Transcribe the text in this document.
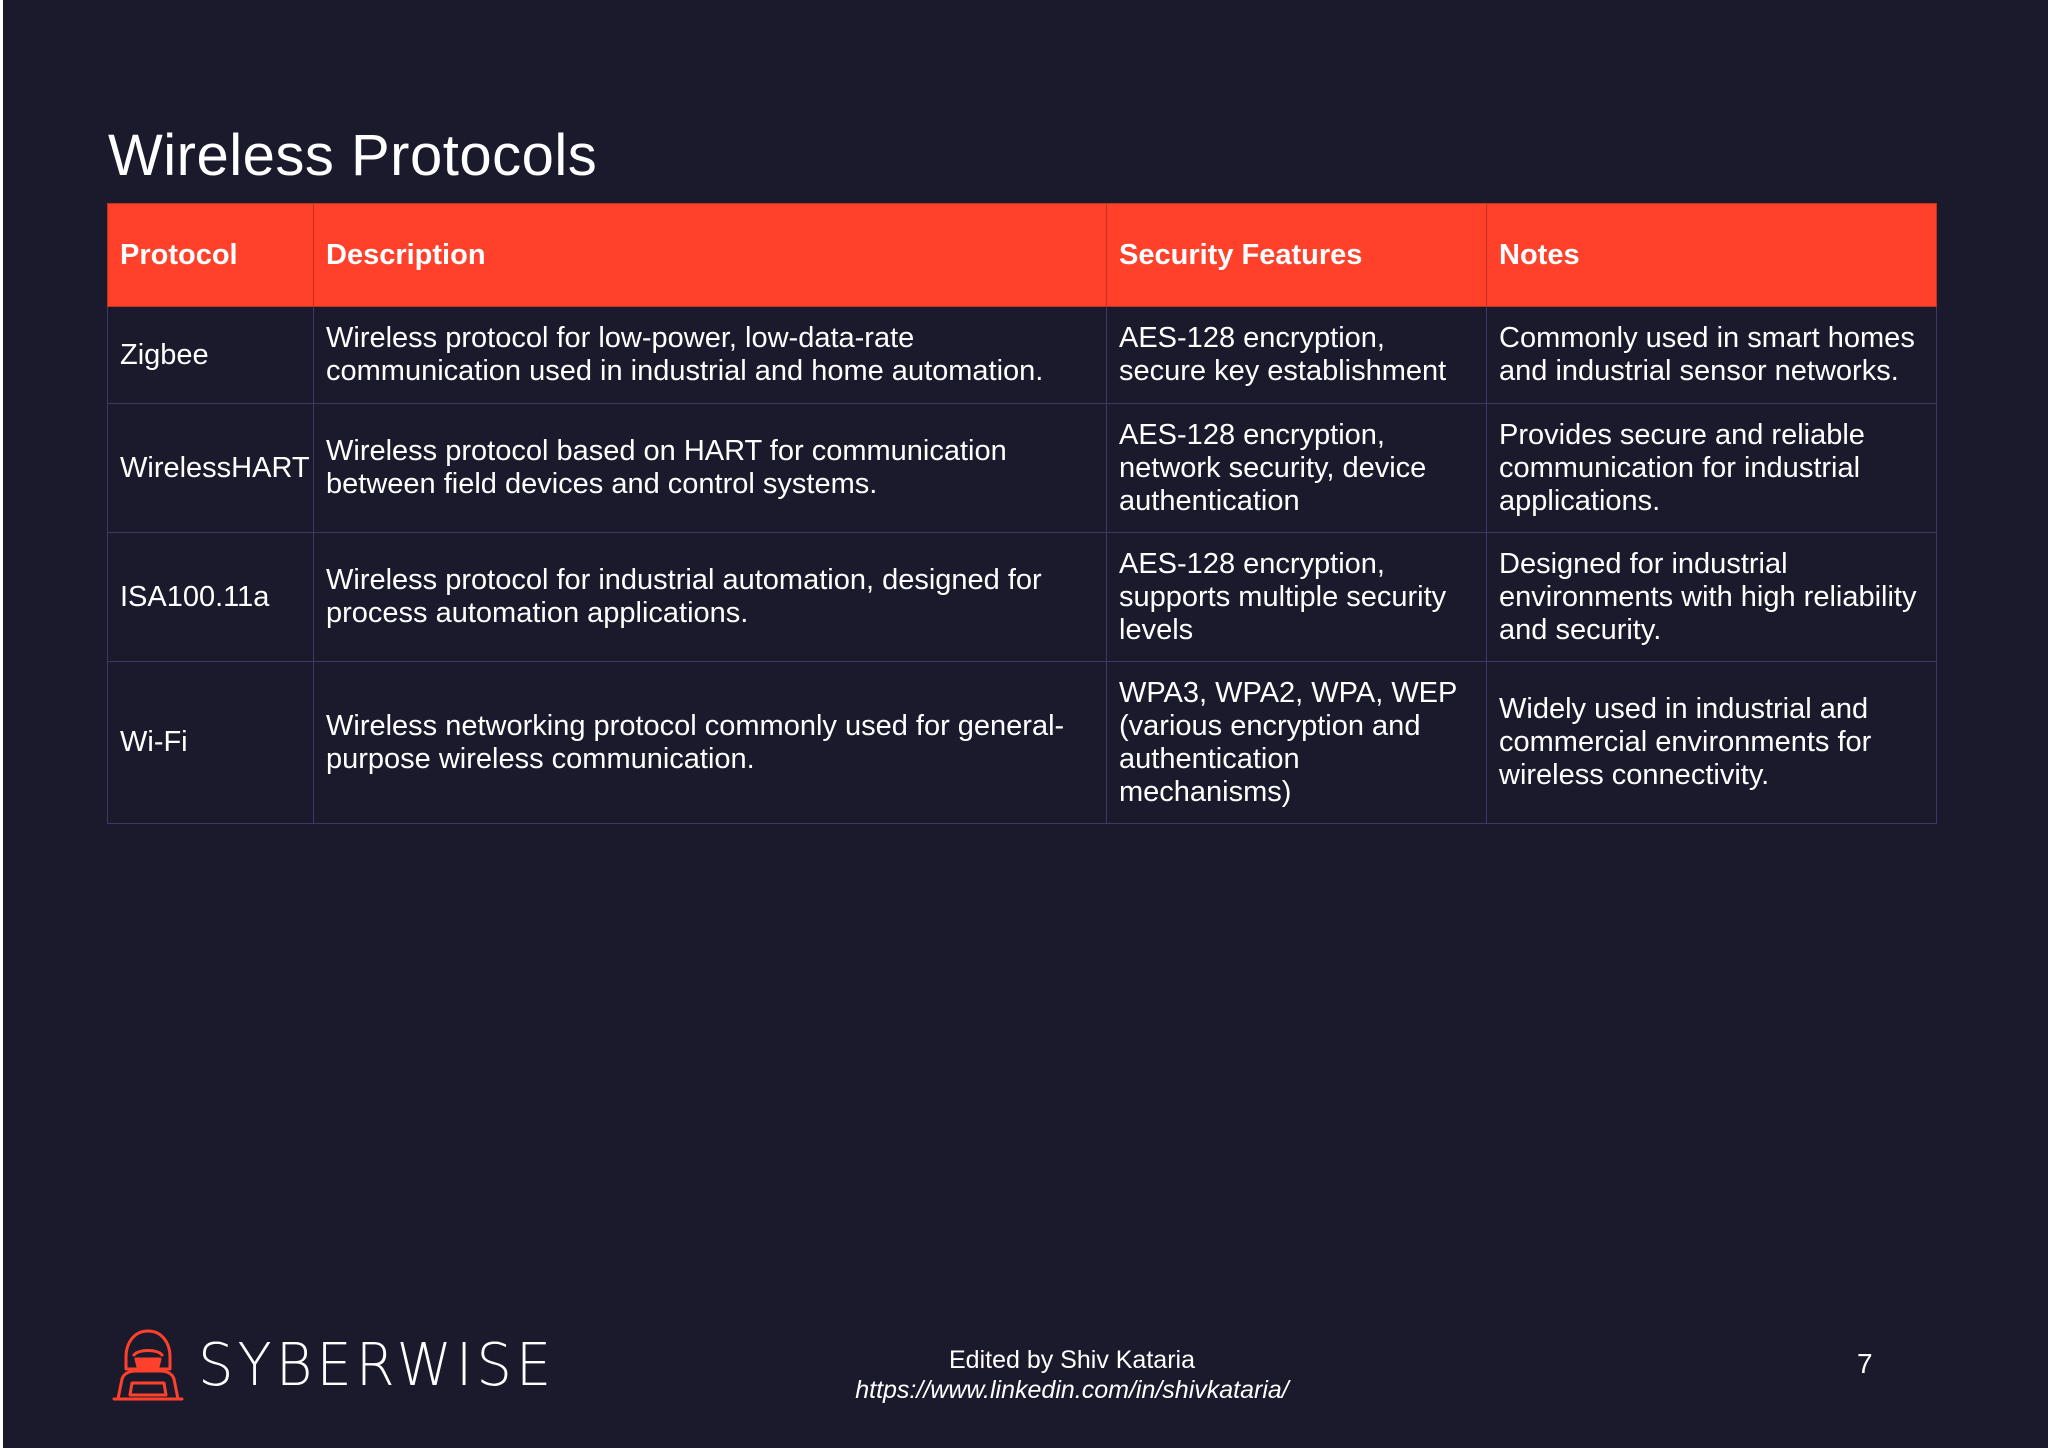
Wireless Protocols
Protocol	Description	Security Features	Notes
Zigbee	Wireless protocol for low-power, low-data-rate communication used in industrial and home automation.	AES-128 encryption, secure key establishment	Commonly used in smart homes and industrial sensor networks.
WirelessHART	Wireless protocol based on HART for communication between field devices and control systems.	AES-128 encryption, network security, device authentication	Provides secure and reliable communication for industrial applications.
ISA100.11a	Wireless protocol for industrial automation, designed for process automation applications.	AES-128 encryption, supports multiple security levels	Designed for industrial environments with high reliability and security.
Wi-Fi	Wireless networking protocol commonly used for general-purpose wireless communication.	WPA3, WPA2, WPA, WEP (various encryption and authentication mechanisms)	Widely used in industrial and commercial environments for wireless connectivity.
SYBERWISE	Edited by Shiv Kataria
https://www.linkedin.com/in/shivkataria/
7
